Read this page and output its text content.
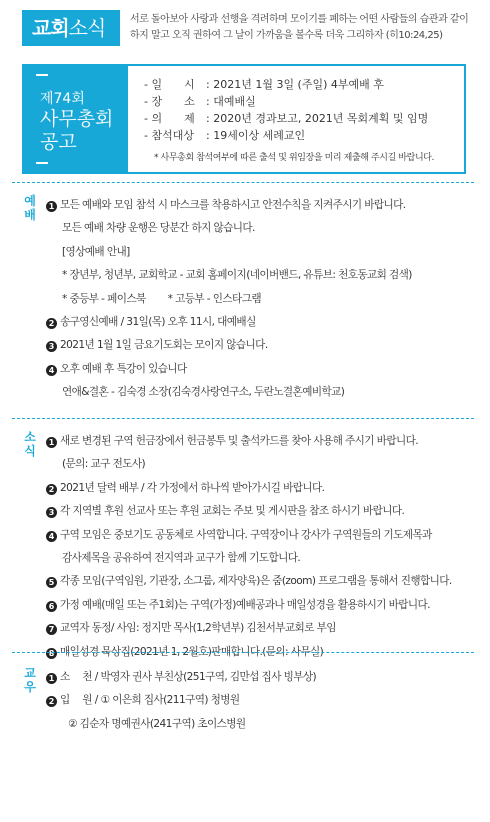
교회소식	서로 돌아보아 사랑과 선행을 격려하며 모이기를 폐하는 어떤 사람들의 습관과 같이 하지 말고 오직 권하여 그 날이 가까움을 볼수록 더욱 그리하자 (히10:24,25)
제74회
사무총회 공고
- 일  시	: 2021년 1월 3일 (주일) 4부예배 후
- 장  소	: 대예배실
- 의  제	: 2020년 경과보고, 2021년 목회계획 및 임명
- 참석대상	: 19세이상 세례교인
* 사무총회 참석여부에 따른 출석 및 위임장을 미리 제출해 주시길 바랍니다.
예
배
1 모든 예배와 모임 참석 시 마스크를 착용하시고 안전수칙을 지켜주시기 바랍니다.
모든 예배 차량 운행은 당분간 하지 않습니다.
[영상예배 안내]
* 장년부, 청년부, 교회학교 - 교회 홈페이지(네이버밴드, 유튜브: 천호동교회 검색)
* 중등부 - 페이스북 * 고등부 - 인스타그램
2 송구영신예배 / 31일(목) 오후 11시, 대예배실
3 2021년 1월 1일 금요기도회는 모이지 않습니다.
4 오후 예배 후 특강이 있습니다
연애&결혼 - 김숙경 소장(김숙경사랑연구소, 두란노결혼예비학교)
소
식
1 새로 변경된 구역 헌금장에서 헌금봉투 및 출석카드를 찾아 사용해 주시기 바랍니다.
(문의: 교구 전도사)
2 2021년 달력 배부 / 각 가정에서 하나씩 받아가시길 바랍니다.
3 각 지역별 후원 선교사 또는 후원 교회는 주보 및 게시판을 참조 하시기 바랍니다.
4 구역 모임은 중보기도 공동체로 사역합니다. 구역장이나 강사가 구역원들의 기도제목과
감사제목을 공유하여 전지역과 교구가 함께 기도합니다.
5 각종 모임(구역임원, 기관장, 소그룹, 제자양육)은 줌(zoom) 프로그램을 통해서 진행합니다.
6 가정 예배(매일 또는 주1회)는 구역(가정)예배공과나 매일성경을 활용하시기 바랍니다.
7 교역자 동정/ 사임: 정지만 목사(1,2학년부) 김천서부교회로 부임
8 매일성경 묵상집(2021년 1, 2월호)판매합니다.(문의: 사무실)
교
우
1 소  천 / 박영자 권사 부친상(251구역, 김만섭 집사 빙부상)
2 입  원 / ① 이은희 집사(211구역) 청병원
② 김순자 명예권사(241구역) 초이스병원
